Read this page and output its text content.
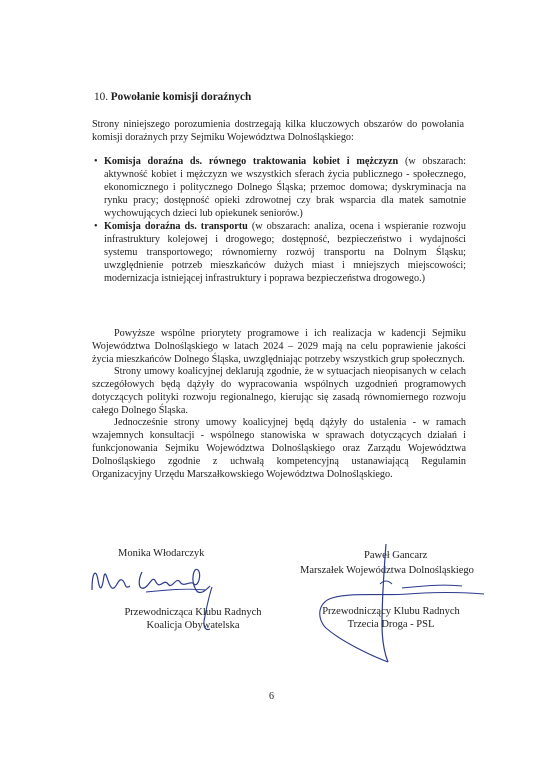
10. Powołanie komisji doraźnych
Strony niniejszego porozumienia dostrzegają kilka kluczowych obszarów do powołania komisji doraźnych przy Sejmiku Województwa Dolnośląskiego:
• Komisja doraźna ds. równego traktowania kobiet i mężczyzn (w obszarach: aktywność kobiet i mężczyzn we wszystkich sferach życia publicznego - społecznego, ekonomicznego i politycznego Dolnego Śląska; przemoc domowa; dyskryminacja na rynku pracy; dostępność opieki zdrowotnej czy brak wsparcia dla matek samotnie wychowujących dzieci lub opiekunek seniorów.)
• Komisja doraźna ds. transportu (w obszarach: analiza, ocena i wspieranie rozwoju infrastruktury kolejowej i drogowego; dostępność, bezpieczeństwo i wydajności systemu transportowego; równomierny rozwój transportu na Dolnym Śląsku; uwzględnienie potrzeb mieszkańców dużych miast i mniejszych miejscowości; modernizacja istniejącej infrastruktury i poprawa bezpieczeństwa drogowego.)

Powyższe wspólne priorytety programowe i ich realizacja w kadencji Sejmiku Województwa Dolnośląskiego w latach 2024 – 2029 mają na celu poprawienie jakości życia mieszkańców Dolnego Śląska, uwzględniając potrzeby wszystkich grup społecznych.

Strony umowy koalicyjnej deklarują zgodnie, że w sytuacjach nieopisanych w celach szczegółowych będą dążyły do wypracowania wspólnych uzgodnień programowych dotyczących polityki rozwoju regionalnego, kierując się zasadą równomiernego rozwoju całego Dolnego Śląska.

Jednocześnie strony umowy koalicyjnej będą dążyły do ustalenia - w ramach wzajemnych konsultacji - wspólnego stanowiska w sprawach dotyczących działań i funkcjonowania Sejmiku Województwa Dolnośląskiego oraz Zarządu Województwa Dolnośląskiego zgodnie z uchwałą kompetencyjną ustanawiającą Regulamin Organizacyjny Urzędu Marszałkowskiego Województwa Dolnośląskiego.

Monika Włodarczyk
Przewodnicząca Klubu Radnych
Koalicja Obywatelska
Paweł Gancarz
Marszałek Województwa Dolnośląskiego
Przewodniczący Klubu Radnych
Trzecia Droga - PSL
6
